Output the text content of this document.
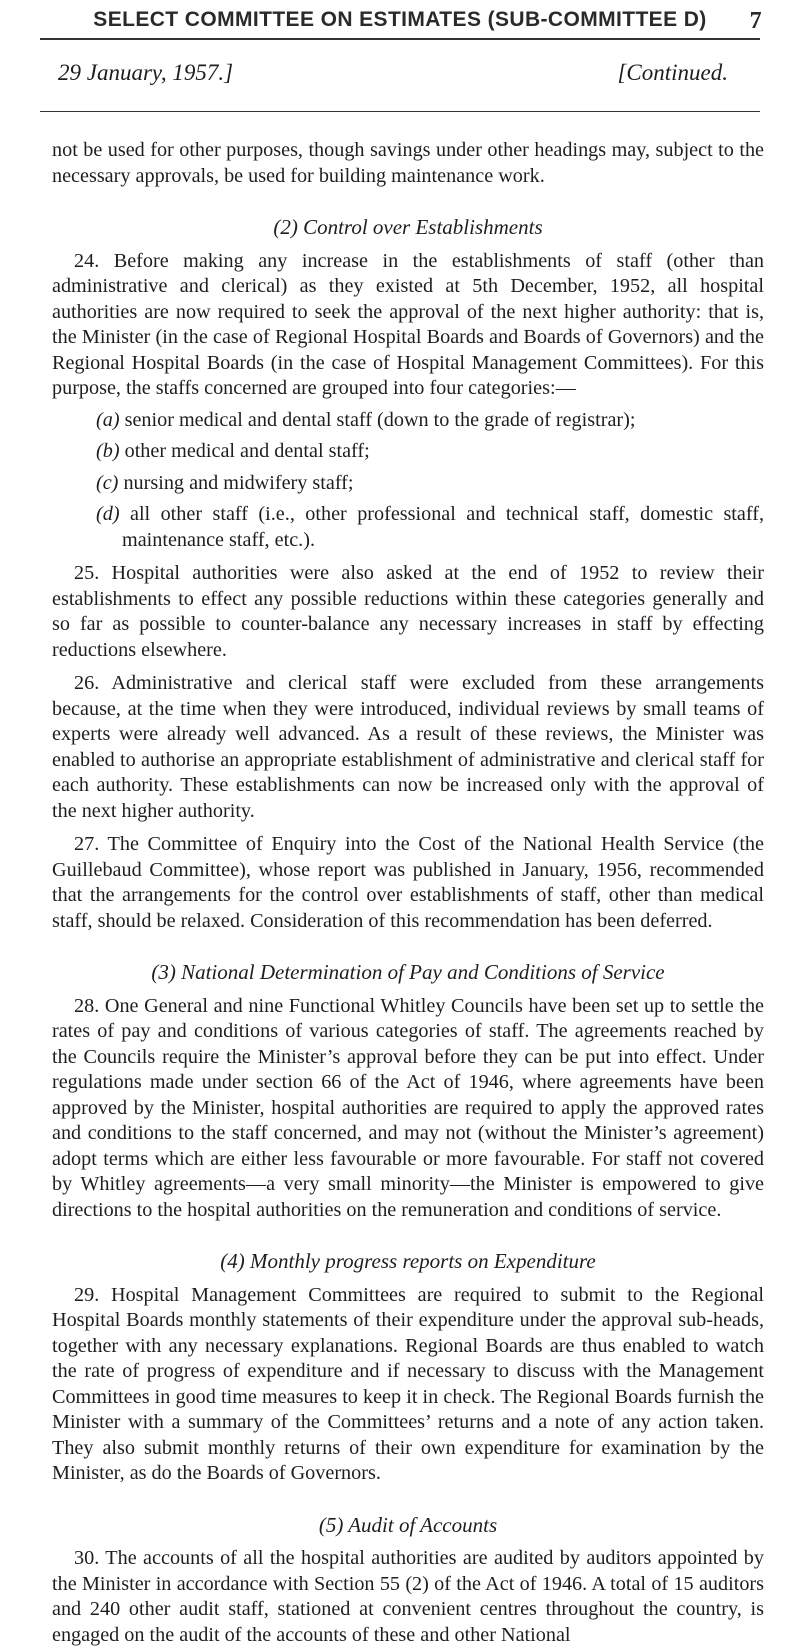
SELECT COMMITTEE ON ESTIMATES (SUB-COMMITTEE D) 7
29 January, 1957.]	[Continued.

not be used for other purposes, though savings under other headings may, subject to the necessary approvals, be used for building maintenance work.

(2) Control over Establishments

24. Before making any increase in the establishments of staff (other than administrative and clerical) as they existed at 5th December, 1952, all hospital authorities are now required to seek the approval of the next higher authority: that is, the Minister (in the case of Regional Hospital Boards and Boards of Governors) and the Regional Hospital Boards (in the case of Hospital Management Committees). For this purpose, the staffs concerned are grouped into four categories:—

(a) senior medical and dental staff (down to the grade of registrar);
(b) other medical and dental staff;
(c) nursing and midwifery staff;
(d) all other staff (i.e., other professional and technical staff, domestic staff, maintenance staff, etc.).

25. Hospital authorities were also asked at the end of 1952 to review their establishments to effect any possible reductions within these categories generally and so far as possible to counter-balance any necessary increases in staff by effecting reductions elsewhere.

26. Administrative and clerical staff were excluded from these arrangements because, at the time when they were introduced, individual reviews by small teams of experts were already well advanced. As a result of these reviews, the Minister was enabled to authorise an appropriate establishment of administrative and clerical staff for each authority. These establishments can now be increased only with the approval of the next higher authority.

27. The Committee of Enquiry into the Cost of the National Health Service (the Guillebaud Committee), whose report was published in January, 1956, recommended that the arrangements for the control over establishments of staff, other than medical staff, should be relaxed. Consideration of this recommendation has been deferred.

(3) National Determination of Pay and Conditions of Service

28. One General and nine Functional Whitley Councils have been set up to settle the rates of pay and conditions of various categories of staff. The agreements reached by the Councils require the Minister’s approval before they can be put into effect. Under regulations made under section 66 of the Act of 1946, where agreements have been approved by the Minister, hospital authorities are required to apply the approved rates and conditions to the staff concerned, and may not (without the Minister’s agreement) adopt terms which are either less favourable or more favourable. For staff not covered by Whitley agreements—a very small minority—the Minister is empowered to give directions to the hospital authorities on the remuneration and conditions of service.

(4) Monthly progress reports on Expenditure

29. Hospital Management Committees are required to submit to the Regional Hospital Boards monthly statements of their expenditure under the approval sub-heads, together with any necessary explanations. Regional Boards are thus enabled to watch the rate of progress of expenditure and if necessary to discuss with the Management Committees in good time measures to keep it in check. The Regional Boards furnish the Minister with a summary of the Committees’ returns and a note of any action taken. They also submit monthly returns of their own expenditure for examination by the Minister, as do the Boards of Governors.

(5) Audit of Accounts

30. The accounts of all the hospital authorities are audited by auditors appointed by the Minister in accordance with Section 55 (2) of the Act of 1946. A total of 15 auditors and 240 other audit staff, stationed at convenient centres throughout the country, is engaged on the audit of the accounts of these and other National
